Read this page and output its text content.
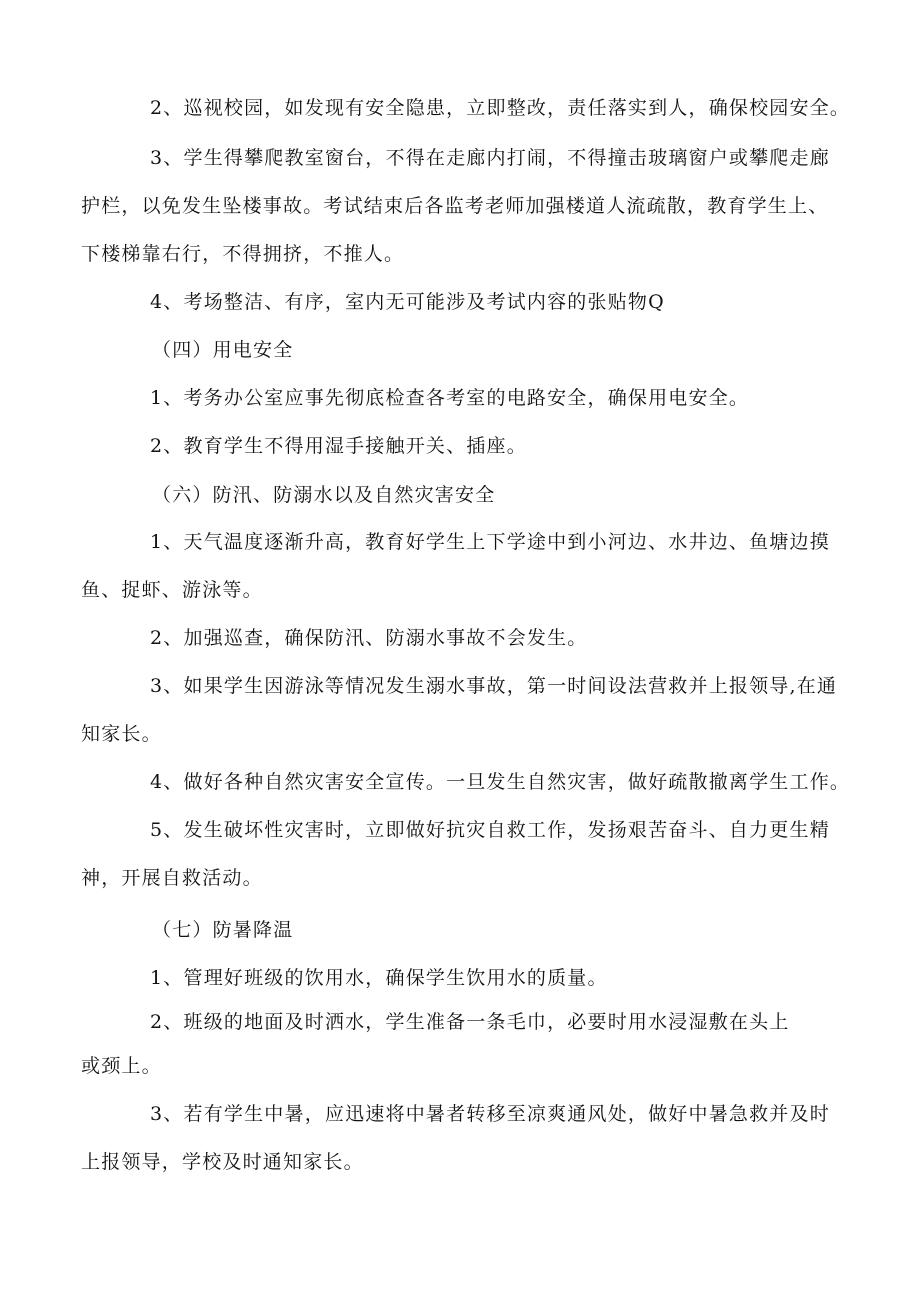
2、巡视校园，如发现有安全隐患，立即整改，责任落实到人，确保校园安全。
3、学生得攀爬教室窗台，不得在走廊内打闹，不得撞击玻璃窗户或攀爬走廊
护栏，以免发生坠楼事故。考试结束后各监考老师加强楼道人流疏散，教育学生上、
下楼梯靠右行，不得拥挤，不推人。
4、考场整洁、有序，室内无可能涉及考试内容的张贴物Q
（四）用电安全
1、考务办公室应事先彻底检查各考室的电路安全，确保用电安全。
2、教育学生不得用湿手接触开关、插座。
（六）防汛、防溺水以及自然灾害安全
1、天气温度逐渐升高，教育好学生上下学途中到小河边、水井边、鱼塘边摸
鱼、捉虾、游泳等。
2、加强巡查，确保防汛、防溺水事故不会发生。
3、如果学生因游泳等情况发生溺水事故，第一时间设法营救并上报领导,在通
知家长。
4、做好各种自然灾害安全宣传。一旦发生自然灾害，做好疏散撤离学生工作。
5、发生破坏性灾害时，立即做好抗灾自救工作，发扬艰苦奋斗、自力更生精
神，开展自救活动。
（七）防暑降温
1、管理好班级的饮用水，确保学生饮用水的质量。
2、班级的地面及时洒水，学生准备一条毛巾，必要时用水浸湿敷在头上
或颈上。
3、若有学生中暑，应迅速将中暑者转移至凉爽通风处，做好中暑急救并及时
上报领导，学校及时通知家长。
